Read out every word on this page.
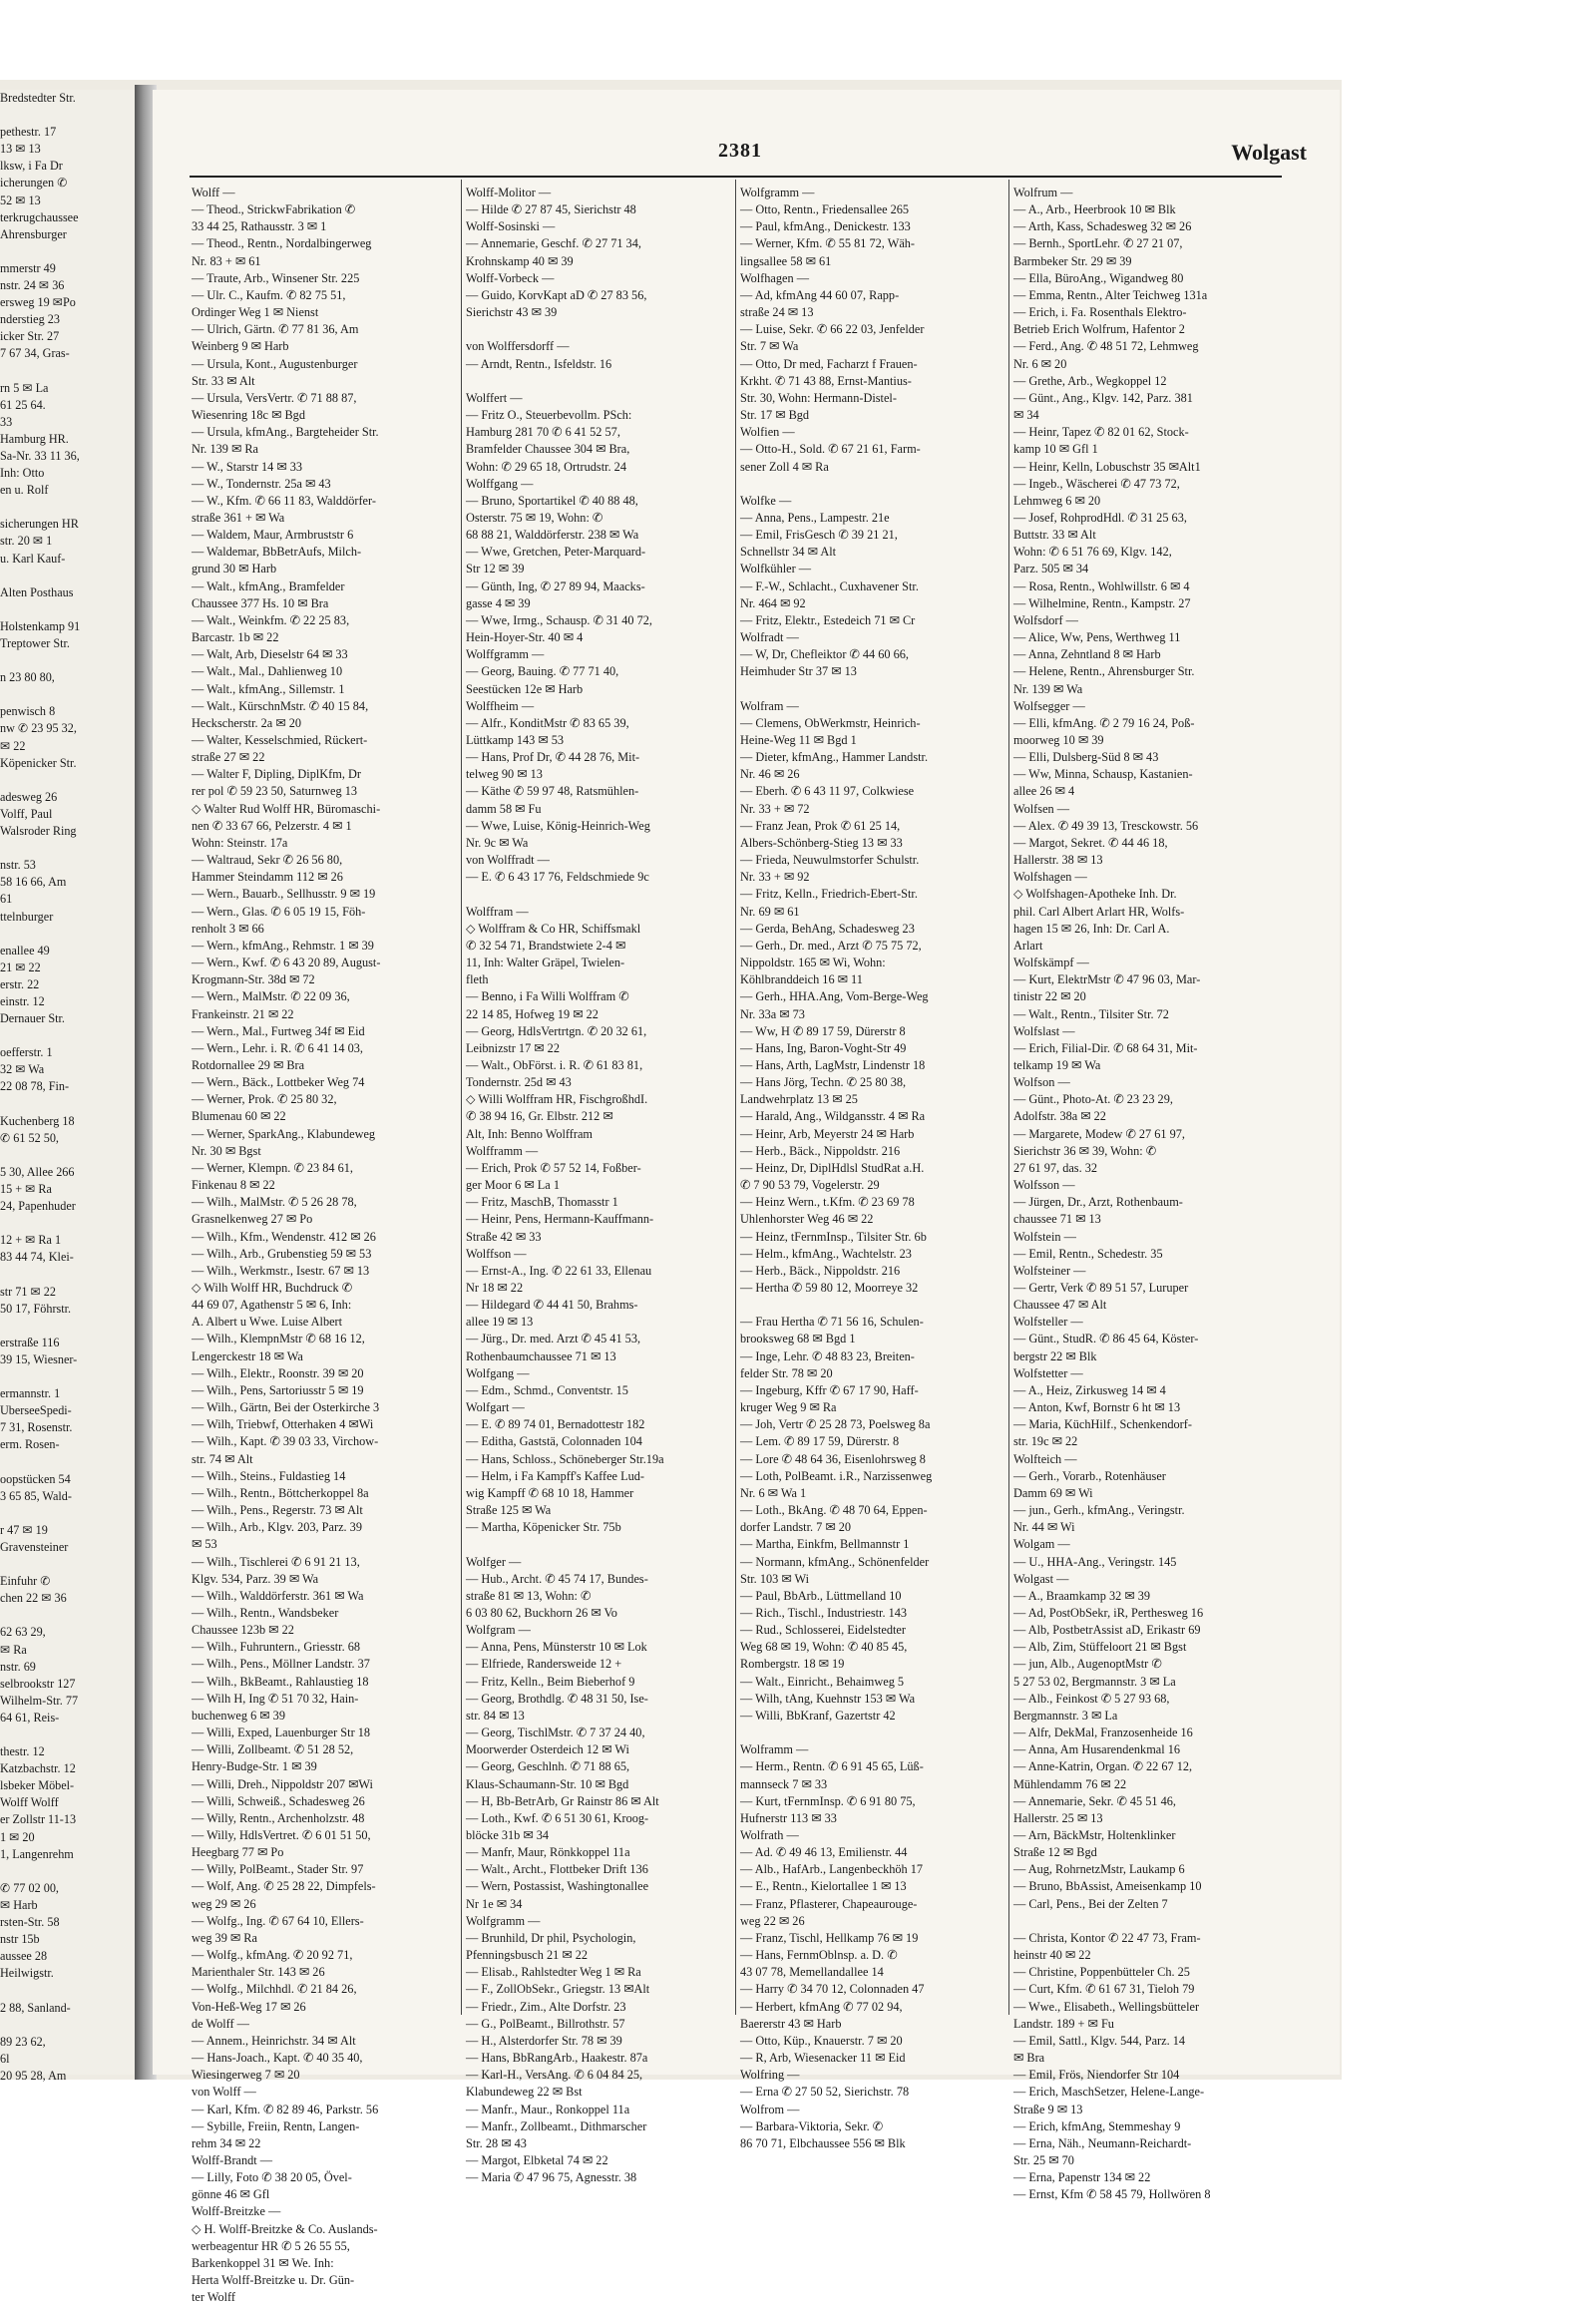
Bredstedter Str.

pethestr. 17
13 ✉ 13
lksw, i Fa Dr
icherungen ✆
52 ✉ 13
terkrugchaussee
Ahrensburger

mmerstr 49
nstr. 24 ✉ 36
ersweg 19 ✉Po
nderstieg 23
icker Str. 27
7 67 34, Gras-

rn 5 ✉ La
61 25 64.
33
Hamburg HR.
Sa-Nr. 33 11 36,
Inh: Otto
en u. Rolf

sicherungen HR
str. 20 ✉ 1
u. Karl Kauf-

Alten Posthaus

Holstenkamp 91
Treptower Str.

n 23 80 80,

penwisch 8
nw ✆ 23 95 32,
✉ 22
Köpenicker Str.

adesweg 26
Volff, Paul
Walsroder Ring

nstr. 53
58 16 66, Am
61
ttelnburger

enallee 49
21 ✉ 22
erstr. 22
einstr. 12
Dernauer Str.

oefferstr. 1
32 ✉ Wa
22 08 78, Fin-

Kuchenberg 18
✆ 61 52 50,

5 30, Allee 266
15 + ✉ Ra
24, Papenhuder

12 + ✉ Ra 1
83 44 74, Klei-

str 71 ✉ 22
50 17, Föhrstr.

erstraße 116
39 15, Wiesner-

ermannstr. 1
UberseeSpedi-
7 31, Rosenstr.
erm. Rosen-

oopstücken 54
3 65 85, Wald-

r 47 ✉ 19
Gravensteiner

Einfuhr ✆
chen 22 ✉ 36

62 63 29,
✉ Ra
nstr. 69
selbrookstr 127
Wilhelm-Str. 77
64 61, Reis-

thestr. 12
Katzbachstr. 12
lsbeker Möbel-
Wolff Wolff
er Zollstr 11-13
1 ✉ 20
1, Langenrehm

✆ 77 02 00,
✉ Harb
rsten-Str. 58
nstr 15b
aussee 28
Heilwigstr.

2 88, Sanland-

89 23 62,
6l
20 95 28, Am
2381	Wolgast
Wolff —
— Theod., StrickwFabrikation ✆
33 44 25, Rathausstr. 3 ✉ 1
— Theod., Rentn., Nordalbingerweg
Nr. 83 + ✉ 61
— Traute, Arb., Winsener Str. 225
— Ulr. C., Kaufm. ✆ 82 75 51,
Ordinger Weg 1 ✉ Nienst
— Ulrich, Gärtn. ✆ 77 81 36, Am
Weinberg 9 ✉ Harb
— Ursula, Kont., Augustenburger
Str. 33 ✉ Alt
— Ursula, VersVertr. ✆ 71 88 87,
Wiesenring 18c ✉ Bgd
— Ursula, kfmAng., Bargteheider Str.
Nr. 139 ✉ Ra
— W., Starstr 14 ✉ 33
— W., Tondernstr. 25a ✉ 43
— W., Kfm. ✆ 66 11 83, Walddörfer-
straße 361 + ✉ Wa
— Waldem, Maur, Armbruststr 6
— Waldemar, BbBetrAufs, Milch-
grund 30 ✉ Harb
— Walt., kfmAng., Bramfelder
Chaussee 377 Hs. 10 ✉ Bra
— Walt., Weinkfm. ✆ 22 25 83,
Barcastr. 1b ✉ 22
— Walt, Arb, Dieselstr 64 ✉ 33
— Walt., Mal., Dahlienweg 10
— Walt., kfmAng., Sillemstr. 1
— Walt., KürschnMstr. ✆ 40 15 84,
Heckscherstr. 2a ✉ 20
— Walter, Kesselschmied, Rückert-
straße 27 ✉ 22
— Walter F, Dipling, DiplKfm, Dr
rer pol ✆ 59 23 50, Saturnweg 13
◇ Walter Rud Wolff HR, Büromaschi-
nen ✆ 33 67 66, Pelzerstr. 4 ✉ 1
Wohn: Steinstr. 17a
— Waltraud, Sekr ✆ 26 56 80,
Hammer Steindamm 112 ✉ 26
— Wern., Bauarb., Sellhusstr. 9 ✉ 19
— Wern., Glas. ✆ 6 05 19 15, Föh-
renholt 3 ✉ 66
— Wern., kfmAng., Rehmstr. 1 ✉ 39
— Wern., Kwf. ✆ 6 43 20 89, August-
Krogmann-Str. 38d ✉ 72
— Wern., MalMstr. ✆ 22 09 36,
Frankeinstr. 21 ✉ 22
— Wern., Mal., Furtweg 34f ✉ Eid
— Wern., Lehr. i. R. ✆ 6 41 14 03,
Rotdornallee 29 ✉ Bra
— Wern., Bäck., Lottbeker Weg 74
— Werner, Prok. ✆ 25 80 32,
Blumenau 60 ✉ 22
— Werner, SparkAng., Klabundeweg
Nr. 30 ✉ Bgst
— Werner, Klempn. ✆ 23 84 61,
Finkenau 8 ✉ 22
— Wilh., MalMstr. ✆ 5 26 28 78,
Grasnelkenweg 27 ✉ Po
— Wilh., Kfm., Wendenstr. 412 ✉ 26
— Wilh., Arb., Grubenstieg 59 ✉ 53
— Wilh., Werkmstr., Isestr. 67 ✉ 13
◇ Wilh Wolff HR, Buchdruck ✆
44 69 07, Agathenstr 5 ✉ 6, Inh:
A. Albert u Wwe. Luise Albert
— Wilh., KlempnMstr ✆ 68 16 12,
Lengerckestr 18 ✉ Wa
— Wilh., Elektr., Roonstr. 39 ✉ 20
— Wilh., Pens, Sartoriusstr 5 ✉ 19
— Wilh., Gärtn, Bei der Osterkirche 3
— Wilh, Triebwf, Otterhaken 4 ✉Wi
— Wilh., Kapt. ✆ 39 03 33, Virchow-
str. 74 ✉ Alt
— Wilh., Steins., Fuldastieg 14
— Wilh., Rentn., Böttcherkoppel 8a
— Wilh., Pens., Regerstr. 73 ✉ Alt
— Wilh., Arb., Klgv. 203, Parz. 39
✉ 53
— Wilh., Tischlerei ✆ 6 91 21 13,
Klgv. 534, Parz. 39 ✉ Wa
— Wilh., Walddörferstr. 361 ✉ Wa
— Wilh., Rentn., Wandsbeker
Chaussee 123b ✉ 22
— Wilh., Fuhruntern., Griesstr. 68
— Wilh., Pens., Möllner Landstr. 37
— Wilh., BkBeamt., Rahlaustieg 18
— Wilh H, Ing ✆ 51 70 32, Hain-
buchenweg 6 ✉ 39
— Willi, Exped, Lauenburger Str 18
— Willi, Zollbeamt. ✆ 51 28 52,
Henry-Budge-Str. 1 ✉ 39
— Willi, Dreh., Nippoldstr 207 ✉Wi
— Willi, Schweiß., Schadesweg 26
— Willy, Rentn., Archenholzstr. 48
— Willy, HdlsVertret. ✆ 6 01 51 50,
Heegbarg 77 ✉ Po
— Willy, PolBeamt., Stader Str. 97
— Wolf, Ang. ✆ 25 28 22, Dimpfels-
weg 29 ✉ 26
— Wolfg., Ing. ✆ 67 64 10, Ellers-
weg 39 ✉ Ra
— Wolfg., kfmAng. ✆ 20 92 71,
Marienthaler Str. 143 ✉ 26
— Wolfg., Milchhdl. ✆ 21 84 26,
Von-Heß-Weg 17 ✉ 26
de Wolff —
— Annem., Heinrichstr. 34 ✉ Alt
— Hans-Joach., Kapt. ✆ 40 35 40,
Wiesingerweg 7 ✉ 20
von Wolff —
— Karl, Kfm. ✆ 82 89 46, Parkstr. 56
— Sybille, Freiin, Rentn, Langen-
rehm 34 ✉ 22
Wolff-Brandt —
— Lilly, Foto ✆ 38 20 05, Övel-
gönne 46 ✉ Gfl
Wolff-Breitzke —
◇ H. Wolff-Breitzke & Co. Auslands-
werbeagentur HR ✆ 5 26 55 55,
Barkenkoppel 31 ✉ We. Inh:
Herta Wolff-Breitzke u. Dr. Gün-
ter Wolff
Wolff-Molitor —
— Hilde ✆ 27 87 45, Sierichstr 48
Wolff-Sosinski —
— Annemarie, Geschf. ✆ 27 71 34,
Krohnskamp 40 ✉ 39
Wolff-Vorbeck —
— Guido, KorvKapt aD ✆ 27 83 56,
Sierichstr 43 ✉ 39

von Wolffersdorff —
— Arndt, Rentn., Isfeldstr. 16

Wolffert —
— Fritz O., Steuerbevollm. PSch:
Hamburg 281 70 ✆ 6 41 52 57,
Bramfelder Chaussee 304 ✉ Bra,
Wohn: ✆ 29 65 18, Ortrudstr. 24
Wolffgang —
— Bruno, Sportartikel ✆ 40 88 48,
Osterstr. 75 ✉ 19, Wohn: ✆
68 88 21, Walddörferstr. 238 ✉ Wa
— Wwe, Gretchen, Peter-Marquard-
Str 12 ✉ 39
— Günth, Ing, ✆ 27 89 94, Maacks-
gasse 4 ✉ 39
— Wwe, Irmg., Schausp. ✆ 31 40 72,
Hein-Hoyer-Str. 40 ✉ 4
Wolffgramm —
— Georg, Bauing. ✆ 77 71 40,
Seestücken 12e ✉ Harb
Wolffheim —
— Alfr., KonditMstr ✆ 83 65 39,
Lüttkamp 143 ✉ 53
— Hans, Prof Dr, ✆ 44 28 76, Mit-
telweg 90 ✉ 13
— Käthe ✆ 59 97 48, Ratsmühlen-
damm 58 ✉ Fu
— Wwe, Luise, König-Heinrich-Weg
Nr. 9c ✉ Wa
von Wolffradt —
— E. ✆ 6 43 17 76, Feldschmiede 9c

Wolffram —
◇ Wolffram & Co HR, Schiffsmakl
✆ 32 54 71, Brandstwiete 2-4 ✉
11, Inh: Walter Gräpel, Twielen-
fleth
— Benno, i Fa Willi Wolffram ✆
22 14 85, Hofweg 19 ✉ 22
— Georg, HdlsVertrtgn. ✆ 20 32 61,
Leibnizstr 17 ✉ 22
— Walt., ObFörst. i. R. ✆ 61 83 81,
Tondernstr. 25d ✉ 43
◇ Willi Wolffram HR, FischgroßhdI.
✆ 38 94 16, Gr. Elbstr. 212 ✉
Alt, Inh: Benno Wolffram
Wolfframm —
— Erich, Prok ✆ 57 52 14, Foßber-
ger Moor 6 ✉ La 1
— Fritz, MaschB, Thomasstr 1
— Heinr, Pens, Hermann-Kauffmann-
Straße 42 ✉ 33
Wolffson —
— Ernst-A., Ing. ✆ 22 61 33, Ellenau
Nr 18 ✉ 22
— Hildegard ✆ 44 41 50, Brahms-
allee 19 ✉ 13
— Jürg., Dr. med. Arzt ✆ 45 41 53,
Rothenbaumchaussee 71 ✉ 13
Wolfgang —
— Edm., Schmd., Conventstr. 15
Wolfgart —
— E. ✆ 89 74 01, Bernadottestr 182
— Editha, Gaststä, Colonnaden 104
— Hans, Schloss., Schöneberger Str.19a
— Helm, i Fa Kampff's Kaffee Lud-
wig Kampff ✆ 68 10 18, Hammer
Straße 125 ✉ Wa
— Martha, Köpenicker Str. 75b

Wolfger —
— Hub., Archt. ✆ 45 74 17, Bundes-
straße 81 ✉ 13, Wohn: ✆
6 03 80 62, Buckhorn 26 ✉ Vo
Wolfgram —
— Anna, Pens, Münsterstr 10 ✉ Lok
— Elfriede, Randersweide 12 +
— Fritz, Kelln., Beim Bieberhof 9
— Georg, Brothdlg. ✆ 48 31 50, Ise-
str. 84 ✉ 13
— Georg, TischlMstr. ✆ 7 37 24 40,
Moorwerder Osterdeich 12 ✉ Wi
— Georg, Geschlnh. ✆ 71 88 65,
Klaus-Schaumann-Str. 10 ✉ Bgd
— H, Bb-BetrArb, Gr Rainstr 86 ✉ Alt
— Loth., Kwf. ✆ 6 51 30 61, Kroog-
blöcke 31b ✉ 34
— Manfr, Maur, Rönkkoppel 11a
— Walt., Archt., Flottbeker Drift 136
— Wern, Postassist, Washingtonallee
Nr 1e ✉ 34
Wolfgramm —
— Brunhild, Dr phil, Psychologin,
Pfenningsbusch 21 ✉ 22
— Elisab., Rahlstedter Weg 1 ✉ Ra
— F., ZollObSekr., Griegstr. 13 ✉Alt
— Friedr., Zim., Alte Dorfstr. 23
— G., PolBeamt., Billrothstr. 57
— H., Alsterdorfer Str. 78 ✉ 39
— Hans, BbRangArb., Haakestr. 87a
— Karl-H., VersAng. ✆ 6 04 84 25,
Klabundeweg 22 ✉ Bst
— Manfr., Maur., Ronkoppel 11a
— Manfr., Zollbeamt., Dithmarscher
Str. 28 ✉ 43
— Margot, Elbketal 74 ✉ 22
— Maria ✆ 47 96 75, Agnesstr. 38
Wolfgramm —
— Otto, Rentn., Friedensallee 265
— Paul, kfmAng., Denickestr. 133
— Werner, Kfm. ✆ 55 81 72, Wäh-
lingsallee 58 ✉ 61
Wolfhagen —
— Ad, kfmAng 44 60 07, Rapp-
straße 24 ✉ 13
— Luise, Sekr. ✆ 66 22 03, Jenfelder
Str. 7 ✉ Wa
— Otto, Dr med, Facharzt f Frauen-
Krkht. ✆ 71 43 88, Ernst-Mantius-
Str. 30, Wohn: Hermann-Distel-
Str. 17 ✉ Bgd
Wolfien —
— Otto-H., Sold. ✆ 67 21 61, Farm-
sener Zoll 4 ✉ Ra

Wolfke —
— Anna, Pens., Lampestr. 21e
— Emil, FrisGesch ✆ 39 21 21,
Schnellstr 34 ✉ Alt
Wolfkühler —
— F.-W., Schlacht., Cuxhavener Str.
Nr. 464 ✉ 92
— Fritz, Elektr., Estedeich 71 ✉ Cr
Wolfradt —
— W, Dr, Chefleiktor ✆ 44 60 66,
Heimhuder Str 37 ✉ 13

Wolfram —
— Clemens, ObWerkmstr, Heinrich-
Heine-Weg 11 ✉ Bgd 1
— Dieter, kfmAng., Hammer Landstr.
Nr. 46 ✉ 26
— Eberh. ✆ 6 43 11 97, Colkwiese
Nr. 33 + ✉ 72
— Franz Jean, Prok ✆ 61 25 14,
Albers-Schönberg-Stieg 13 ✉ 33
— Frieda, Neuwulmstorfer Schulstr.
Nr. 33 + ✉ 92
— Fritz, Kelln., Friedrich-Ebert-Str.
Nr. 69 ✉ 61
— Gerda, BehAng, Schadesweg 23
— Gerh., Dr. med., Arzt ✆ 75 75 72,
Nippoldstr. 165 ✉ Wi, Wohn:
Köhlbranddeich 16 ✉ 11
— Gerh., HHA.Ang, Vom-Berge-Weg
Nr. 33a ✉ 73
— Ww, H ✆ 89 17 59, Dürerstr 8
— Hans, Ing, Baron-Voght-Str 49
— Hans, Arth, LagMstr, Lindenstr 18
— Hans Jörg, Techn. ✆ 25 80 38,
Landwehrplatz 13 ✉ 25
— Harald, Ang., Wildgansstr. 4 ✉ Ra
— Heinr, Arb, Meyerstr 24 ✉ Harb
— Herb., Bäck., Nippoldstr. 216
— Heinz, Dr, DiplHdlsl StudRat a.H.
✆ 7 90 53 79, Vogelerstr. 29
— Heinz Wern., t.Kfm. ✆ 23 69 78
Uhlenhorster Weg 46 ✉ 22
— Heinz, tFernmInsp., Tilsiter Str. 6b
— Helm., kfmAng., Wachtelstr. 23
— Herb., Bäck., Nippoldstr. 216
— Hertha ✆ 59 80 12, Moorreye 32

— Frau Hertha ✆ 71 56 16, Schulen-
brooksweg 68 ✉ Bgd 1
— Inge, Lehr. ✆ 48 83 23, Breiten-
felder Str. 78 ✉ 20
— Ingeburg, Kffr ✆ 67 17 90, Haff-
kruger Weg 9 ✉ Ra
— Joh, Vertr ✆ 25 28 73, Poelsweg 8a
— Lem. ✆ 89 17 59, Dürerstr. 8
— Lore ✆ 48 64 36, Eisenlohrsweg 8
— Loth, PolBeamt. i.R., Narzissenweg
Nr. 6 ✉ Wa 1
— Loth., BkAng. ✆ 48 70 64, Eppen-
dorfer Landstr. 7 ✉ 20
— Martha, Einkfm, Bellmannstr 1
— Normann, kfmAng., Schönenfelder
Str. 103 ✉ Wi
— Paul, BbArb., Lüttmelland 10
— Rich., Tischl., Industriestr. 143
— Rud., Schlosserei, Eidelstedter
Weg 68 ✉ 19, Wohn: ✆ 40 85 45,
Rombergstr. 18 ✉ 19
— Walt., Einricht., Behaimweg 5
— Wilh, tAng, Kuehnstr 153 ✉ Wa
— Willi, BbKranf, Gazertstr 42

Wolframm —
— Herm., Rentn. ✆ 6 91 45 65, Lüß-
mannseck 7 ✉ 33
— Kurt, tFernmInsp. ✆ 6 91 80 75,
Hufnerstr 113 ✉ 33
Wolfrath —
— Ad. ✆ 49 46 13, Emilienstr. 44
— Alb., HafArb., Langenbeckhöh 17
— E., Rentn., Kielortallee 1 ✉ 13
— Franz, Pflasterer, Chapeaurouge-
weg 22 ✉ 26
— Franz, Tischl, Hellkamp 76 ✉ 19
— Hans, FernmOblnsp. a. D. ✆
43 07 78, Memellandallee 14
— Harry ✆ 34 70 12, Colonnaden 47
— Herbert, kfmAng ✆ 77 02 94,
Baererstr 43 ✉ Harb
— Otto, Küp., Knauerstr. 7 ✉ 20
— R, Arb, Wiesenacker 11 ✉ Eid
Wolfring —
— Erna ✆ 27 50 52, Sierichstr. 78
Wolfrom —
— Barbara-Viktoria, Sekr. ✆
86 70 71, Elbchaussee 556 ✉ Blk
Wolfrum —
— A., Arb., Heerbrook 10 ✉ Blk
— Arth, Kass, Schadesweg 32 ✉ 26
— Bernh., SportLehr. ✆ 27 21 07,
Barmbeker Str. 29 ✉ 39
— Ella, BüroAng., Wigandweg 80
— Emma, Rentn., Alter Teichweg 131a
— Erich, i. Fa. Rosenthals Elektro-
Betrieb Erich Wolfrum, Hafentor 2
— Ferd., Ang. ✆ 48 51 72, Lehmweg
Nr. 6 ✉ 20
— Grethe, Arb., Wegkoppel 12
— Günt., Ang., Klgv. 142, Parz. 381
✉ 34
— Heinr, Tapez ✆ 82 01 62, Stock-
kamp 10 ✉ Gfl 1
— Heinr, Kelln, Lobuschstr 35 ✉Alt1
— Ingeb., Wäscherei ✆ 47 73 72,
Lehmweg 6 ✉ 20
— Josef, RohprodHdl. ✆ 31 25 63,
Buttstr. 33 ✉ Alt
Wohn: ✆ 6 51 76 69, Klgv. 142,
Parz. 505 ✉ 34
— Rosa, Rentn., Wohlwillstr. 6 ✉ 4
— Wilhelmine, Rentn., Kampstr. 27
Wolfsdorf —
— Alice, Ww, Pens, Werthweg 11
— Anna, Zehntland 8 ✉ Harb
— Helene, Rentn., Ahrensburger Str.
Nr. 139 ✉ Wa
Wolfsegger —
— Elli, kfmAng. ✆ 2 79 16 24, Poß-
moorweg 10 ✉ 39
— Elli, Dulsberg-Süd 8 ✉ 43
— Ww, Minna, Schausp, Kastanien-
allee 26 ✉ 4
Wolfsen —
— Alex. ✆ 49 39 13, Tresckowstr. 56
— Margot, Sekret. ✆ 44 46 18,
Hallerstr. 38 ✉ 13
Wolfshagen —
◇ Wolfshagen-Apotheke Inh. Dr.
phil. Carl Albert Arlart HR, Wolfs-
hagen 15 ✉ 26, Inh: Dr. Carl A.
Arlart
Wolfskämpf —
— Kurt, ElektrMstr ✆ 47 96 03, Mar-
tinistr 22 ✉ 20
— Walt., Rentn., Tilsiter Str. 72
Wolfslast —
— Erich, Filial-Dir. ✆ 68 64 31, Mit-
telkamp 19 ✉ Wa
Wolfson —
— Günt., Photo-At. ✆ 23 23 29,
Adolfstr. 38a ✉ 22
— Margarete, Modew ✆ 27 61 97,
Sierichstr 36 ✉ 39, Wohn: ✆
27 61 97, das. 32
Wolfsson —
— Jürgen, Dr., Arzt, Rothenbaum-
chaussee 71 ✉ 13
Wolfstein —
— Emil, Rentn., Schedestr. 35
Wolfsteiner —
— Gertr, Verk ✆ 89 51 57, Luruper
Chaussee 47 ✉ Alt
Wolfsteller —
— Günt., StudR. ✆ 86 45 64, Köster-
bergstr 22 ✉ Blk
Wolfstetter —
— A., Heiz, Zirkusweg 14 ✉ 4
— Anton, Kwf, Bornstr 6 ht ✉ 13
— Maria, KüchHilf., Schenkendorf-
str. 19c ✉ 22
Wolfteich —
— Gerh., Vorarb., Rotenhäuser
Damm 69 ✉ Wi
— jun., Gerh., kfmAng., Veringstr.
Nr. 44 ✉ Wi
Wolgam —
— U., HHA-Ang., Veringstr. 145
Wolgast —
— A., Braamkamp 32 ✉ 39
— Ad, PostObSekr, iR, Perthesweg 16
— Alb, PostbetrAssist aD, Erikastr 69
— Alb, Zim, Stüffeloort 21 ✉ Bgst
— jun, Alb., AugenoptMstr ✆
5 27 53 02, Bergmannstr. 3 ✉ La
— Alb., Feinkost ✆ 5 27 93 68,
Bergmannstr. 3 ✉ La
— Alfr, DekMal, Franzosenheide 16
— Anna, Am Husarendenkmal 16
— Anne-Katrin, Organ. ✆ 22 67 12,
Mühlendamm 76 ✉ 22
— Annemarie, Sekr. ✆ 45 51 46,
Hallerstr. 25 ✉ 13
— Arn, BäckMstr, Holtenklinker
Straße 12 ✉ Bgd
— Aug, RohrnetzMstr, Laukamp 6
— Bruno, BbAssist, Ameisenkamp 10
— Carl, Pens., Bei der Zelten 7

— Christa, Kontor ✆ 22 47 73, Fram-
heinstr 40 ✉ 22
— Christine, Poppenbütteler Ch. 25
— Curt, Kfm. ✆ 61 67 31, Tieloh 79
— Wwe., Elisabeth., Wellingsbütteler
Landstr. 189 + ✉ Fu
— Emil, Sattl., Klgv. 544, Parz. 14
✉ Bra
— Emil, Frös, Niendorfer Str 104
— Erich, MaschSetzer, Helene-Lange-
Straße 9 ✉ 13
— Erich, kfmAng, Stemmeshay 9
— Erna, Näh., Neumann-Reichardt-
Str. 25 ✉ 70
— Erna, Papenstr 134 ✉ 22
— Ernst, Kfm ✆ 58 45 79, Hollwören 8
